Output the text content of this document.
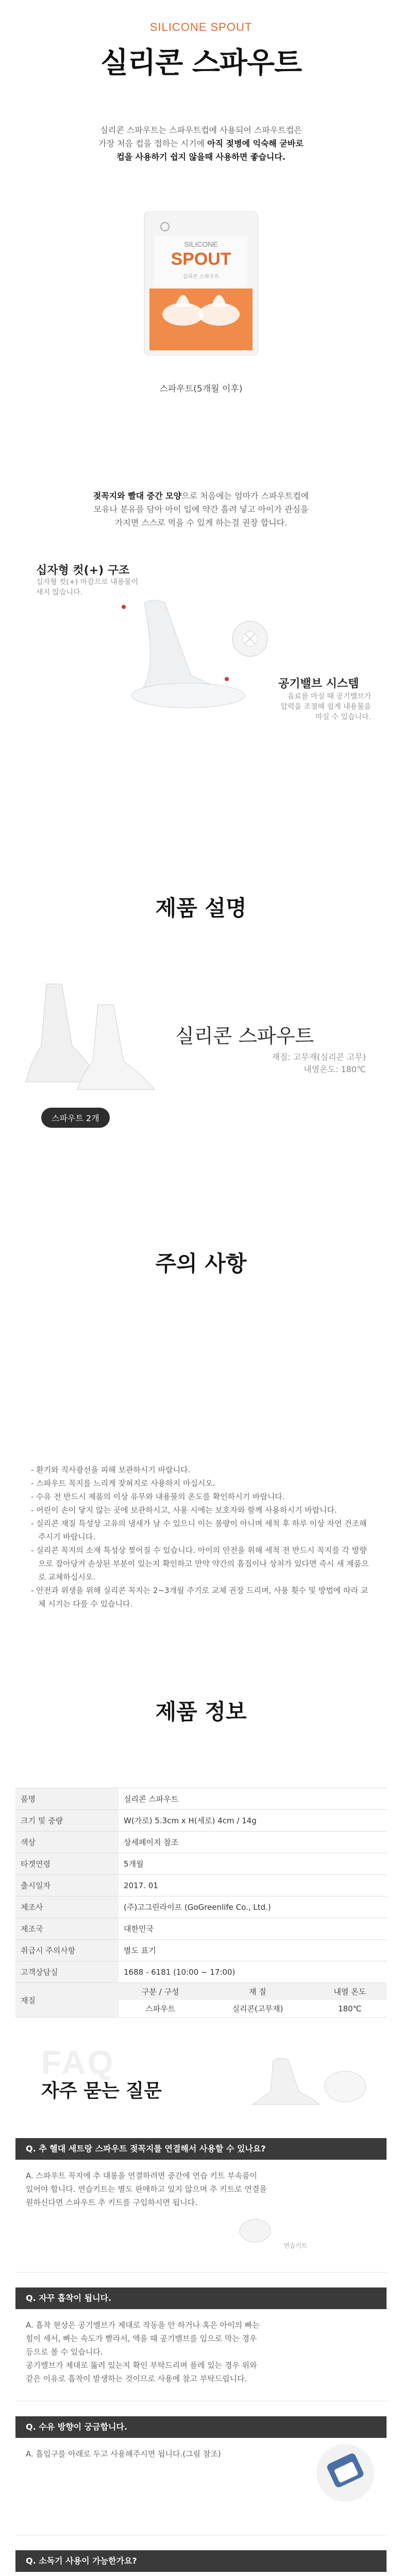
SILICONE SPOUT
실리콘 스파우트
실리콘 스파우트는 스파우트컵에 사용되어 스파우트컵은
가장 처음 컵을 접하는 시기에 아직 젖병에 익숙해 굳바로
컵을 사용하기 쉽지 않을때 사용하면 좋습니다.
SILICONE
SPOUT
실리콘 스파우트
스파우트(5개월 이후)
젖꼭지와 빨대 중간 모양으로 처음에는 엄마가 스파우트컵에
모유나 분유를 담아 아이 입에 약간 흘려 넣고 아이가 관심을
가지면 스스로 먹을 수 있게 하는걸 권장 합니다.
십자형 컷(+) 구조
십자형 컷(+) 마감으로 내용물이
새지 않습니다.
공기밸브 시스템
음료를 마실 때 공기밸브가
압력을 조절해 쉽게 내용물을
마실 수 있습니다.
제품 설명
실리콘 스파우트
재질: 고무재(실리콘 고무)
내열온도: 180℃
스파우트 2개
주의 사항
- 환기와 직사광선을 피해 보관하시기 바랍니다.
- 스파우트 꼭지를 느리게 잦혀지로 사용하지 마십시오.
- 수유 전 반드시 제품의 이상 유무와 내용물의 온도를 확인하시기 바랍니다.
- 어린이 손이 닿지 않는 곳에 보관하시고, 사용 시에는 보호자와 함께 사용하시기 바랍니다.
- 실리콘 재질 특성상 고유의 냄새가 날 수 있으니 이는 불량이 아니며 세척 후 하루 이상 자연 건조해 주시기 바랍니다.
- 실리콘 꼭지의 소재 특성상 찢어질 수 있습니다. 아이의 안전을 위해 세척 전 반드시 꼭지를 각 방향으로 잡아당겨 손상된 부분이 있는지 확인하고 만약 약간의 흠집이나 상처가 있다면 즉시 새 제품으로 교체하십시오.
- 안전과 위생을 위해 실리콘 꼭지는 2~3개월 주기로 교체 권장 드리며, 사용 횟수 및 방법에 따라 교체 시기는 다를 수 있습니다.
제품 정보
품명	실리콘 스파우트
크기 및 중량	W(가로) 5.3cm x H(세로) 4cm / 14g
색상	상세페이지 참조
타겟연령	5개월
출시일자	2017. 01
제조사	(주)고그린라이프 (GoGreenlife Co., Ltd.)
제조국	대한민국
취급시 주의사항	별도 표기
고객상담실	1688 - 6181 (10:00 ~ 17:00)
재질	
구분 / 구성	재 질	내열 온도
스파우트	실리콘(고무재)	180℃
FAQ
자주 묻는 질문
Q. 추 헬대 세트랑 스파우트 젖꼭지를 연결해서 사용할 수 있나요?
A. 스파우트 꼭지에 추 대롱을 연결하려면 중간에 연습 키트 부속품이
있어야 합니다. 연습키트는 별도 판매하고 있지 않으며 추 키트로 연결을
원하신다면 스파우트 추 키트를 구입하시면 됩니다.
연습키트
Q. 자꾸 흡착이 됩니다.
A. 흡착 현상은 공기밸브가 제대로 작동을 안 하거나 혹은 아이의 빠는
힘이 세서, 빠는 속도가 빨라서, 액을 때 공기밸브를 입으로 막는 경우
등으로 볼 수 있습니다.
공기밸브가 제대로 뚫려 있는지 확인 부탁드리며 플레 있는 경우 위와
같은 이유로 흡착이 발생하는 것이므로 사용에 참고 부탁드립니다.
Q. 수유 방향이 궁금합니다.
A. 흡입구를 아래로 두고 사용해주시면 됩니다.(그림 참조)
Q. 소독기 사용이 가능한가요?
